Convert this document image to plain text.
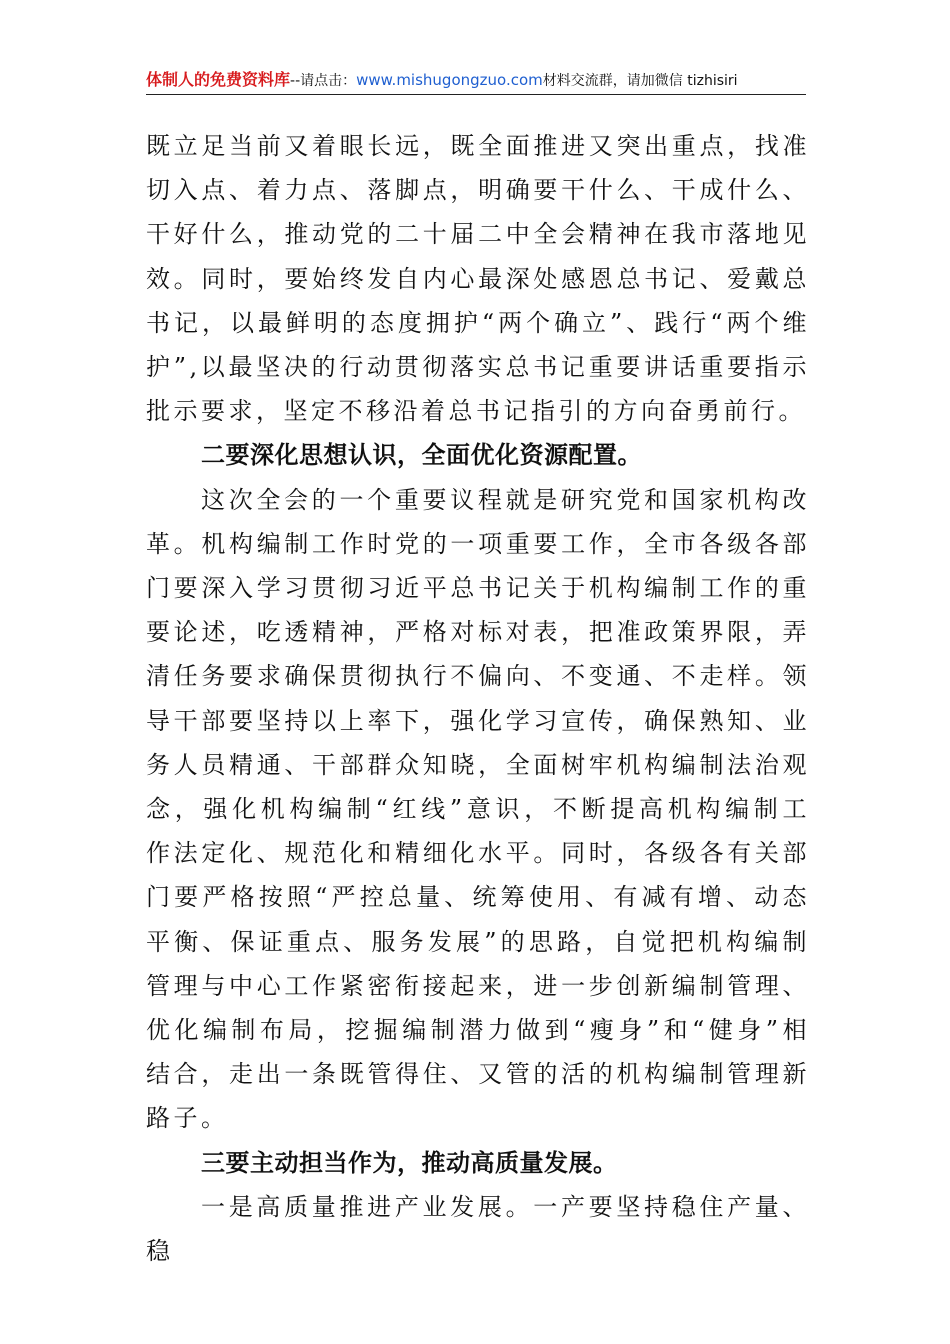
体制人的免费资料库--请点击：www.mishugongzuo.com材料交流群，请加微信 tizhisiri

既立足当前又着眼长远，既全面推进又突出重点，找准切入点、着力点、落脚点，明确要干什么、干成什么、干好什么，推动党的二十届二中全会精神在我市落地见效。同时，要始终发自内心最深处感恩总书记、爱戴总书记，以最鲜明的态度拥护“两个确立”、践行“两个维护”,以最坚决的行动贯彻落实总书记重要讲话重要指示批示要求，坚定不移沿着总书记指引的方向奋勇前行。

二要深化思想认识，全面优化资源配置。

这次全会的一个重要议程就是研究党和国家机构改革。机构编制工作时党的一项重要工作，全市各级各部门要深入学习贯彻习近平总书记关于机构编制工作的重要论述，吃透精神，严格对标对表，把准政策界限，弄清任务要求确保贯彻执行不偏向、不变通、不走样。领导干部要坚持以上率下，强化学习宣传，确保熟知、业务人员精通、干部群众知晓，全面树牢机构编制法治观念，强化机构编制“红线”意识，不断提高机构编制工作法定化、规范化和精细化水平。同时，各级各有关部门要严格按照“严控总量、统筹使用、有减有增、动态平衡、保证重点、服务发展”的思路，自觉把机构编制管理与中心工作紧密衔接起来，进一步创新编制管理、优化编制布局，挖掘编制潜力做到“瘦身”和“健身”相结合，走出一条既管得住、又管的活的机构编制管理新路子。

三要主动担当作为，推动高质量发展。

一是高质量推进产业发展。一产要坚持稳住产量、稳
